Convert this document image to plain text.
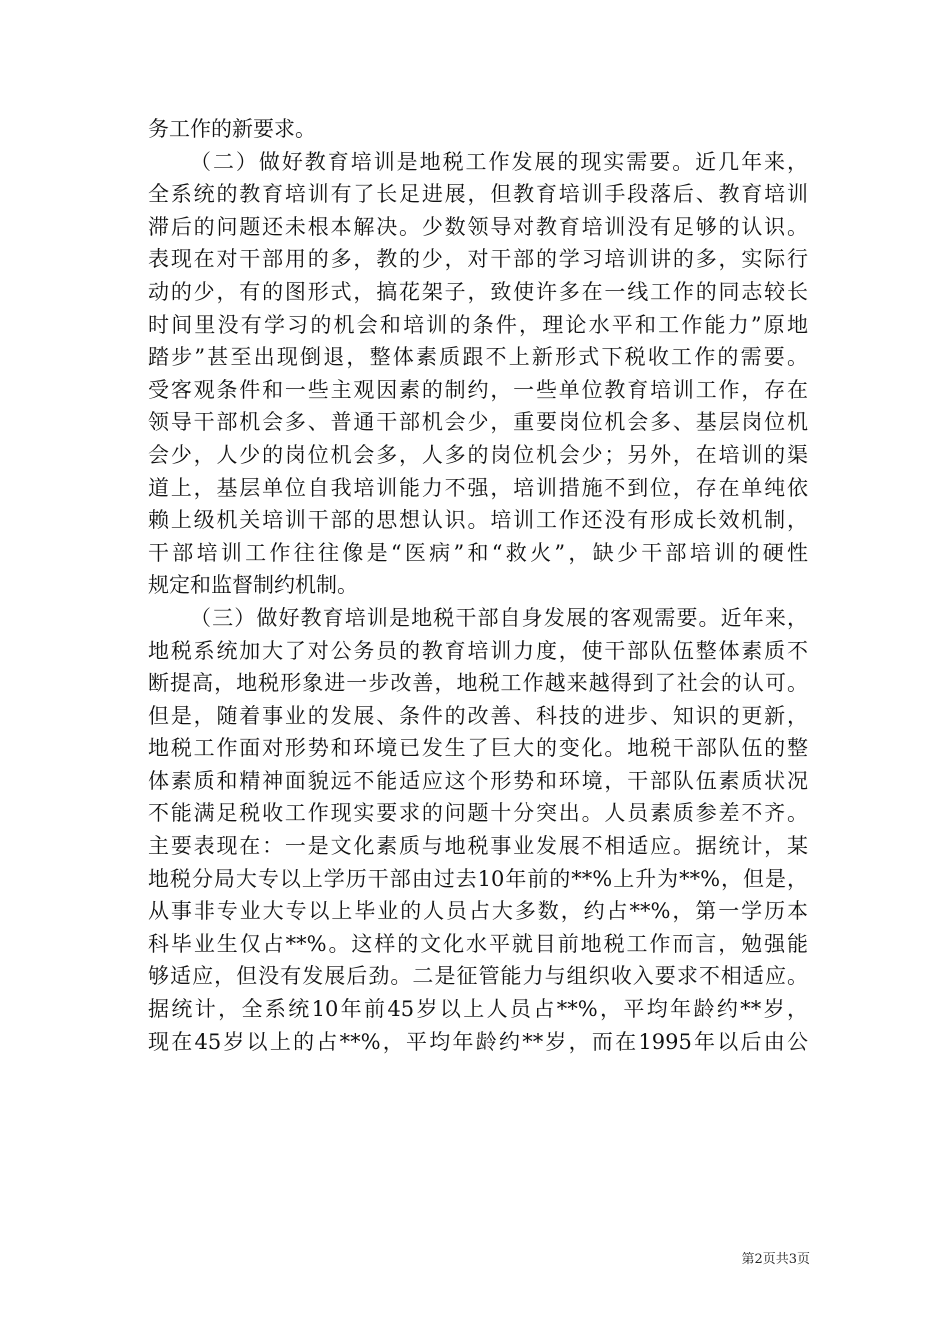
务工作的新要求。
（二）做好教育培训是地税工作发展的现实需要。近几年来，
全系统的教育培训有了长足进展，但教育培训手段落后、教育培训
滞后的问题还未根本解决。少数领导对教育培训没有足够的认识。
表现在对干部用的多，教的少，对干部的学习培训讲的多，实际行
动的少，有的图形式，搞花架子，致使许多在一线工作的同志较长
时间里没有学习的机会和培训的条件，理论水平和工作能力”原地
踏步”甚至出现倒退，整体素质跟不上新形式下税收工作的需要。
受客观条件和一些主观因素的制约，一些单位教育培训工作，存在
领导干部机会多、普通干部机会少，重要岗位机会多、基层岗位机
会少，人少的岗位机会多，人多的岗位机会少；另外，在培训的渠
道上，基层单位自我培训能力不强，培训措施不到位，存在单纯依
赖上级机关培训干部的思想认识。培训工作还没有形成长效机制，
干部培训工作往往像是“医病”和“救火”，缺少干部培训的硬性
规定和监督制约机制。
（三）做好教育培训是地税干部自身发展的客观需要。近年来，
地税系统加大了对公务员的教育培训力度，使干部队伍整体素质不
断提高，地税形象进一步改善，地税工作越来越得到了社会的认可。
但是，随着事业的发展、条件的改善、科技的进步、知识的更新，
地税工作面对形势和环境已发生了巨大的变化。地税干部队伍的整
体素质和精神面貌远不能适应这个形势和环境，干部队伍素质状况
不能满足税收工作现实要求的问题十分突出。人员素质参差不齐。
主要表现在：一是文化素质与地税事业发展不相适应。据统计，某
地税分局大专以上学历干部由过去10年前的**%上升为**%，但是，
从事非专业大专以上毕业的人员占大多数，约占**%，第一学历本
科毕业生仅占**%。这样的文化水平就目前地税工作而言，勉强能
够适应，但没有发展后劲。二是征管能力与组织收入要求不相适应。
据统计，全系统10年前45岁以上人员占**%，平均年龄约**岁，
现在45岁以上的占**%，平均年龄约**岁，而在1995年以后由公
第2页共3页
